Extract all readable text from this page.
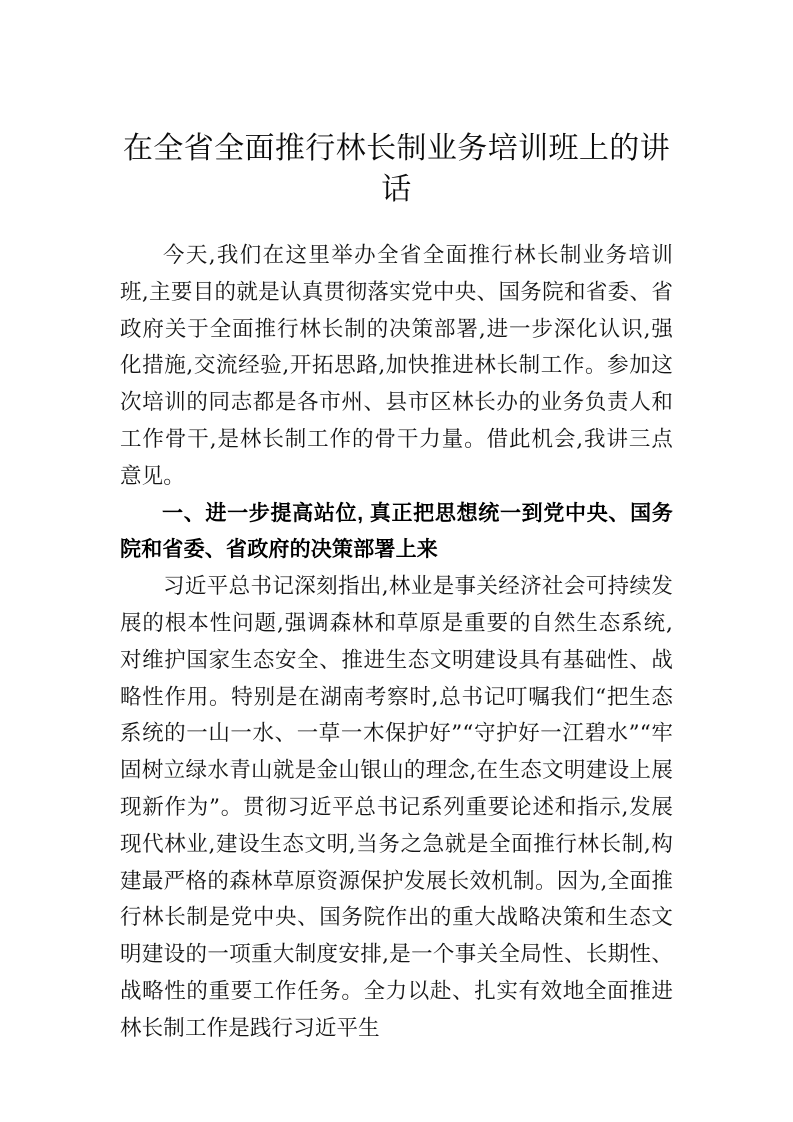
在全省全面推行林长制业务培训班上的讲话

今天,我们在这里举办全省全面推行林长制业务培训班,主要目的就是认真贯彻落实党中央、国务院和省委、省政府关于全面推行林长制的决策部署,进一步深化认识,强化措施,交流经验,开拓思路,加快推进林长制工作。参加这次培训的同志都是各市州、县市区林长办的业务负责人和工作骨干,是林长制工作的骨干力量。借此机会,我讲三点意见。

一、进一步提高站位, 真正把思想统一到党中央、国务院和省委、省政府的决策部署上来

习近平总书记深刻指出,林业是事关经济社会可持续发展的根本性问题,强调森林和草原是重要的自然生态系统,对维护国家生态安全、推进生态文明建设具有基础性、战略性作用。特别是在湖南考察时,总书记叮嘱我们“把生态系统的一山一水、一草一木保护好”“守护好一江碧水”“牢固树立绿水青山就是金山银山的理念,在生态文明建设上展现新作为”。贯彻习近平总书记系列重要论述和指示,发展现代林业,建设生态文明,当务之急就是全面推行林长制,构建最严格的森林草原资源保护发展长效机制。因为,全面推行林长制是党中央、国务院作出的重大战略决策和生态文明建设的一项重大制度安排,是一个事关全局性、长期性、战略性的重要工作任务。全力以赴、扎实有效地全面推进林长制工作是践行习近平生
